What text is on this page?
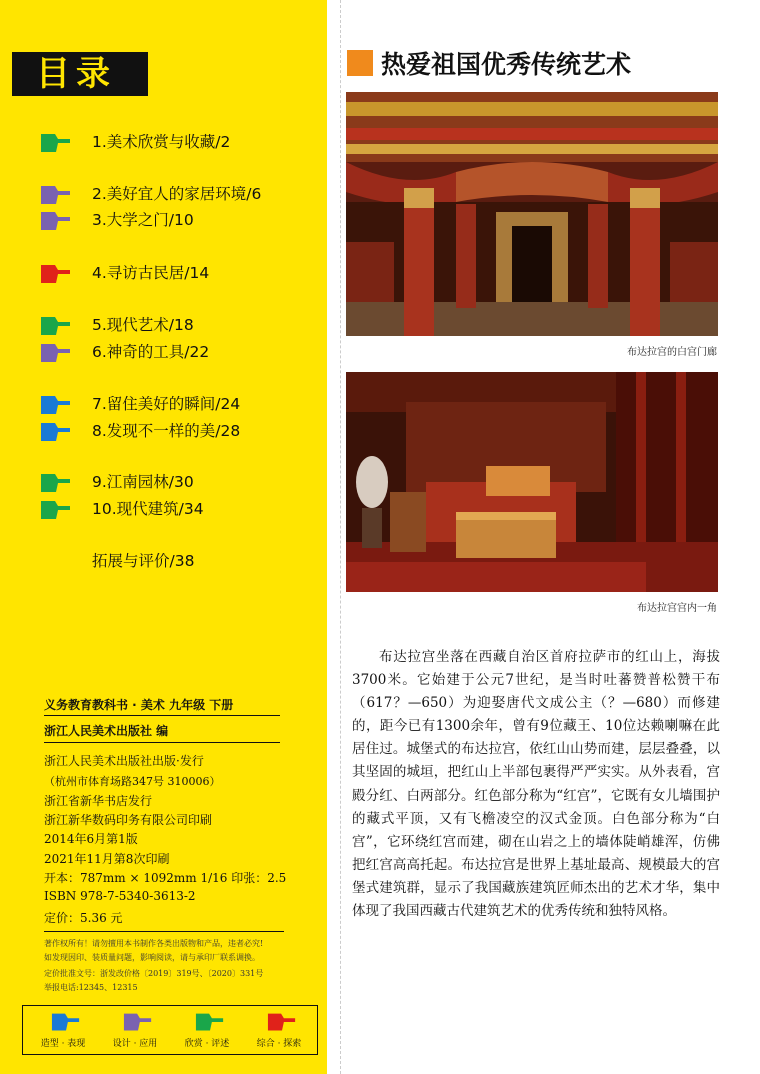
目录
1.美术欣赏与收藏/2
2.美好宜人的家居环境/6
3.大学之门/10
4.寻访古民居/14
5.现代艺术/18
6.神奇的工具/22
7.留住美好的瞬间/24
8.发现不一样的美/28
9.江南园林/30
10.现代建筑/34
拓展与评价/38
义务教育教科书 · 美术 九年级 下册
浙江人民美术出版社 编
浙江人民美术出版社出版·发行
（杭州市体育场路347号 310006）
浙江省新华书店发行
浙江新华数码印务有限公司印刷
2014年6月第1版
2021年11月第8次印刷
开本：787mm × 1092mm 1/16 印张：2.5
ISBN 978-7-5340-3613-2
定价：5.36 元
著作权所有！请勿擅用本书制作各类出版物和产品，违者必究!
如发现因印、装质量问题，影响阅读，请与承印厂联系调换。
定价批准文号：浙发改价格〔2019〕319号、〔2020〕331号
举报电话:12345、12315
造型 · 表现	设计 · 应用	欣赏 · 评述	综合 · 探索
热爱祖国优秀传统艺术
布达拉宫的白宫门廊
布达拉宫宫内一角

布达拉宫坐落在西藏自治区首府拉萨市的红山上，海拔3700米。它始建于公元7世纪，是当时吐蕃赞普松赞干布（617？—650）为迎娶唐代文成公主（？—680）而修建的，距今已有1300余年，曾有9位藏王、10位达赖喇嘛在此居住过。城堡式的布达拉宫，依红山山势而建，层层叠叠，以其坚固的城垣，把红山上半部包裹得严严实实。从外表看，宫殿分红、白两部分。红色部分称为“红宫”，它既有女儿墙围护的藏式平顶，又有飞檐凌空的汉式金顶。白色部分称为“白宫”，它环绕红宫而建，砌在山岩之上的墙体陡峭雄浑，仿佛把红宫高高托起。布达拉宫是世界上基址最高、规模最大的宫堡式建筑群，显示了我国藏族建筑匠师杰出的艺术才华，集中体现了我国西藏古代建筑艺术的优秀传统和独特风格。
